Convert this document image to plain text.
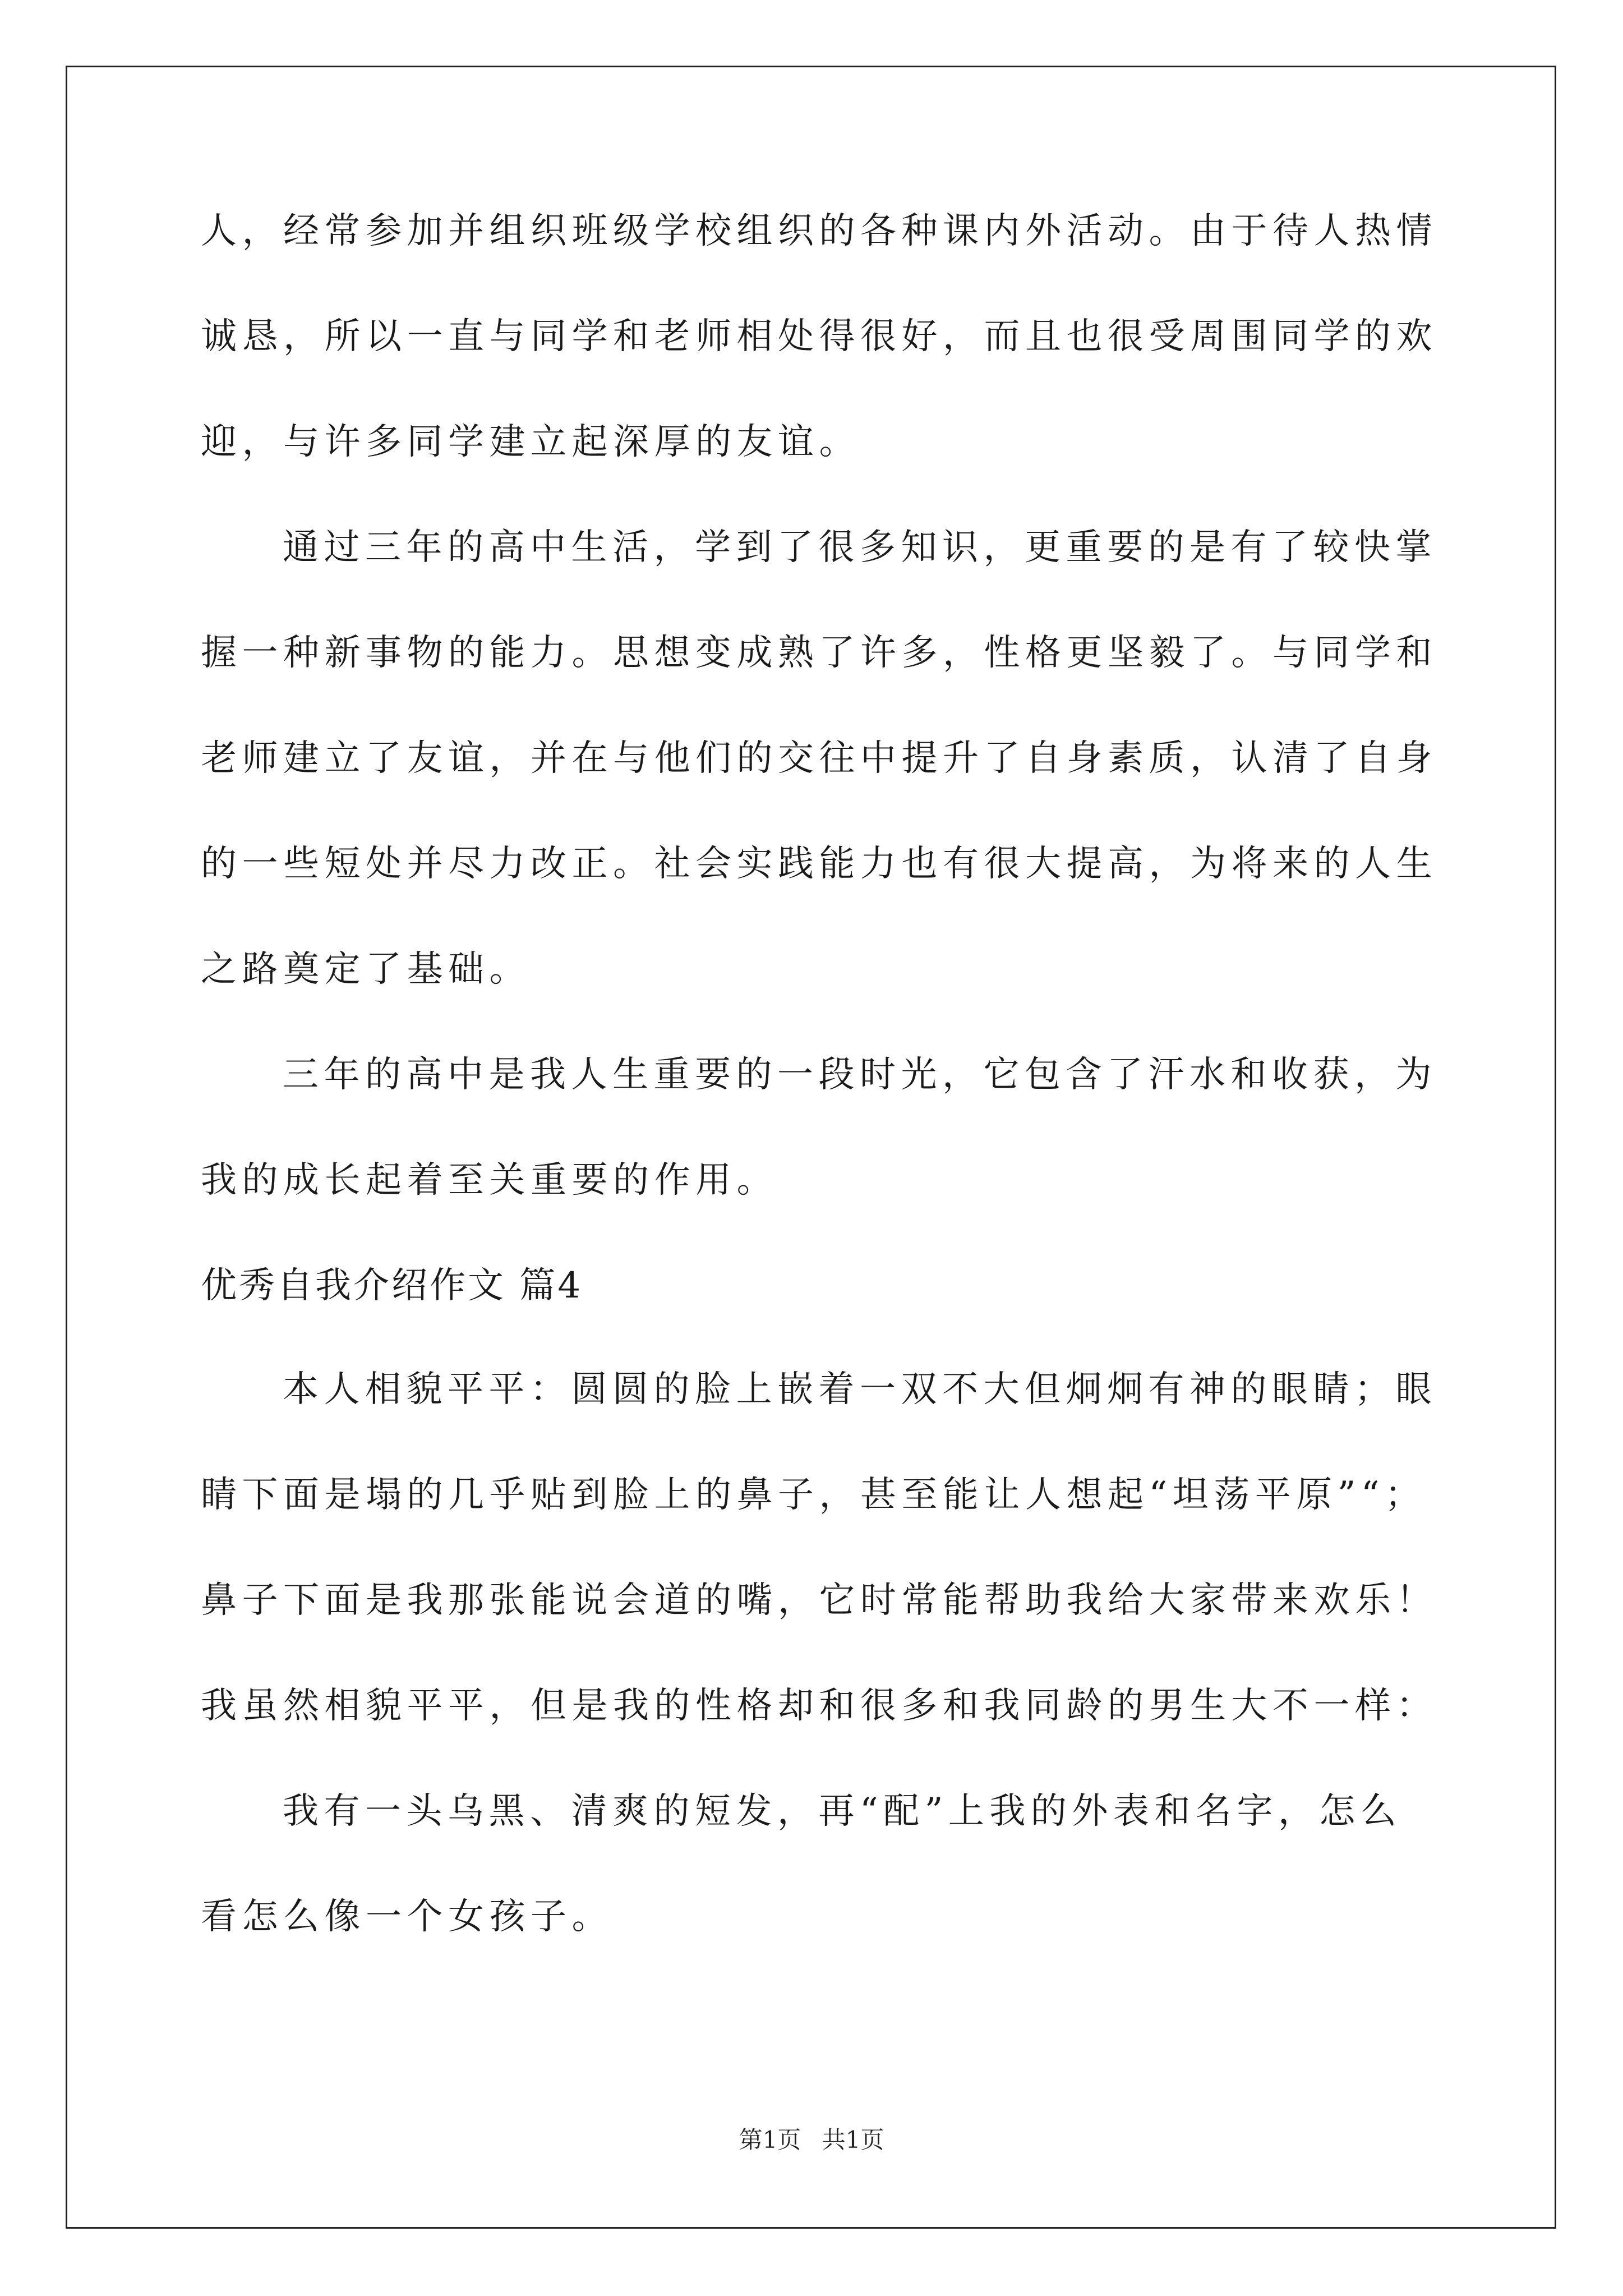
人，经常参加并组织班级学校组织的各种课内外活动。由于待人热情
诚恳，所以一直与同学和老师相处得很好，而且也很受周围同学的欢
迎，与许多同学建立起深厚的友谊。
通过三年的高中生活，学到了很多知识，更重要的是有了较快掌
握一种新事物的能力。思想变成熟了许多，性格更坚毅了。与同学和
老师建立了友谊，并在与他们的交往中提升了自身素质，认清了自身
的一些短处并尽力改正。社会实践能力也有很大提高，为将来的人生
之路奠定了基础。
三年的高中是我人生重要的一段时光，它包含了汗水和收获，为
我的成长起着至关重要的作用。
优秀自我介绍作文 篇4
本人相貌平平：圆圆的脸上嵌着一双不大但炯炯有神的眼睛；眼
睛下面是塌的几乎贴到脸上的鼻子，甚至能让人想起“坦荡平原”“；
鼻子下面是我那张能说会道的嘴，它时常能帮助我给大家带来欢乐！
我虽然相貌平平，但是我的性格却和很多和我同龄的男生大不一样：
我有一头乌黑、清爽的短发，再“配”上我的外表和名字，怎么
看怎么像一个女孩子。
第1页 共1页
